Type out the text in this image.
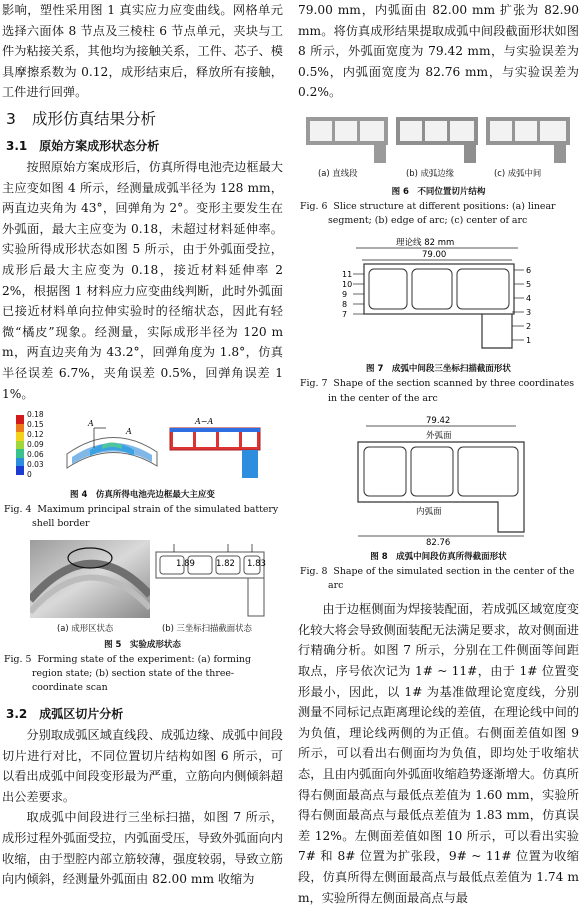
影响，塑性采用图 1 真实应力应变曲线。网格单元选择六面体 8 节点及三棱柱 6 节点单元，夹块与工件为粘接关系，其他均为接触关系，工件、芯子、模具摩擦系数为 0.12，成形结束后，释放所有接触，工件进行回弹。

3 成形仿真结果分析
3.1　原始方案成形状态分析

按照原始方案成形后，仿真所得电池壳边框最大主应变如图 4 所示，经测量成弧半径为 128 mm，两直边夹角为 43°，回弹角为 2°。变形主要发生在外弧面，最大主应变为 0.18，未超过材料延伸率。实验所得成形状态如图 5 所示，由于外弧面受拉，成形后最大主应变为 0.18，接近材料延伸率 22%，根据图 1 材料应力应变曲线判断，此时外弧面已接近材料单向拉伸实验时的径缩状态，因此有轻微“橘皮”现象。经测量，实际成形半径为 120 mm，两直边夹角为 43.2°，回弹角度为 1.8°，仿真半径误差 6.7%，夹角误差 0.5%，回弹角误差 11%。

0.18
0.15
0.12
0.09
0.06
0.03
0
A
A
A−A
图 4　仿真所得电池壳边框最大主应变
Fig. 4 Maximum principal strain of the simulated battery shell border
1.89 1.82 1.83
(a) 成形区状态	(b) 三坐标扫描截面状态
图 5　实验成形状态
Fig. 5 Forming state of the experiment: (a) forming region state; (b) section state of the three-coordinate scan
3.2　成弧区切片分析

分别取成弧区域直线段、成弧边缘、成弧中间段切片进行对比，不同位置切片结构如图 6 所示，可以看出成弧中间段变形最为严重，立筋向内侧倾斜超出公差要求。

取成弧中间段进行三坐标扫描，如图 7 所示，成形过程外弧面受拉，内弧面受压，导致外弧面向内收缩，由于型腔内部立筋较薄，强度较弱，导致立筋向内倾斜，经测量外弧面由 82.00 mm 收缩为

79.00 mm，内弧面由 82.00 mm 扩张为 82.90 mm。将仿真成形结果提取成弧中间段截面形状如图 8 所示，外弧面宽度为 79.42 mm，与实验误差为 0.5%，内弧面宽度为 82.76 mm，与实验误差为 0.2%。

(a) 直线段	(b) 成弧边缘	(c) 成弧中间
图 6　不同位置切片结构
Fig. 6 Slice structure at different positions: (a) linear segment; (b) edge of arc; (c) center of arc
理论线 82 mm
79.00
11
10
9
8
7
6
5
4
3
2
1
图 7　成弧中间段三坐标扫描截面形状
Fig. 7 Shape of the section scanned by three coordinates in the center of the arc
79.42
外弧面
内弧面
82.76
图 8　成弧中间段仿真所得截面形状
Fig. 8 Shape of the simulated section in the center of the arc

由于边框侧面为焊接装配面，若成弧区域宽度变化较大将会导致侧面装配无法满足要求，故对侧面进行精确分析。如图 7 所示，分别在工件侧面等间距取点，序号依次记为 1# ~ 11#，由于 1# 位置变形最小，因此，以 1# 为基准做理论宽度线，分别测量不同标记点距离理论线的差值，在理论线中间的为负值，理论线两侧的为正值。右侧面差值如图 9 所示，可以看出右侧面均为负值，即均处于收缩状态，且由内弧面向外弧面收缩趋势逐渐增大。仿真所得右侧面最高点与最低点差值为 1.60 mm，实验所得右侧面最高点与最低点差值为 1.83 mm，仿真误差 12%。左侧面差值如图 10 所示，可以看出实验 7# 和 8# 位置为扩张段，9# ~ 11# 位置为收缩段，仿真所得左侧面最高点与最低点差值为 1.74 mm，实验所得左侧面最高点与最
